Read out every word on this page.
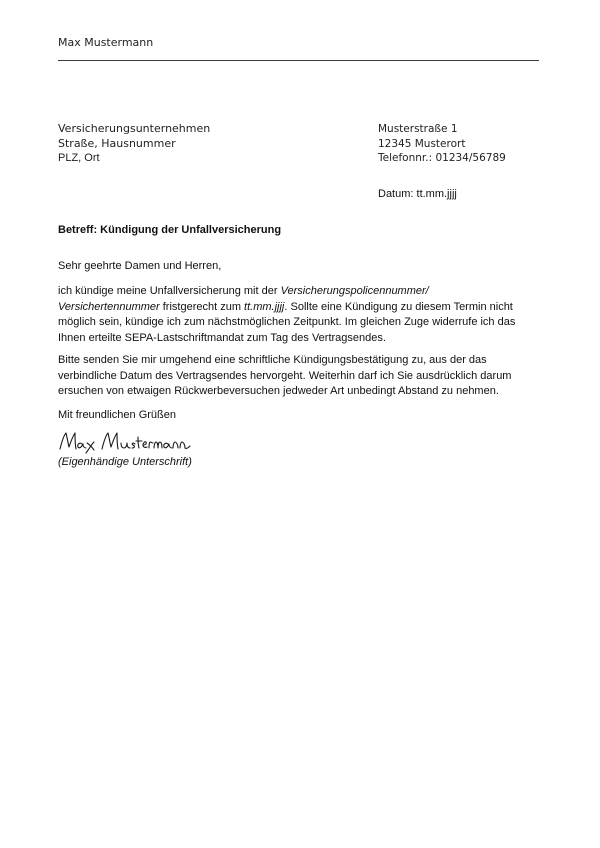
Max Mustermann
Versicherungsunternehmen
Straße, Hausnummer
PLZ, Ort
Musterstraße 1
12345 Musterort
Telefonnr.: 01234/56789
Datum: tt.mm.jjjj
Betreff: Kündigung der Unfallversicherung
Sehr geehrte Damen und Herren,
ich kündige meine Unfallversicherung mit der Versicherungspolicennummer/
Versichertennummer fristgerecht zum tt.mm.jjjj. Sollte eine Kündigung zu diesem Termin nicht
möglich sein, kündige ich zum nächstmöglichen Zeitpunkt. Im gleichen Zuge widerrufe ich das
Ihnen erteilte SEPA-Lastschriftmandat zum Tag des Vertragsendes.
Bitte senden Sie mir umgehend eine schriftliche Kündigungsbestätigung zu, aus der das
verbindliche Datum des Vertragsendes hervorgeht. Weiterhin darf ich Sie ausdrücklich darum
ersuchen von etwaigen Rückwerbeversuchen jedweder Art unbedingt Abstand zu nehmen.
Mit freundlichen Grüßen
(Eigenhändige Unterschrift)
